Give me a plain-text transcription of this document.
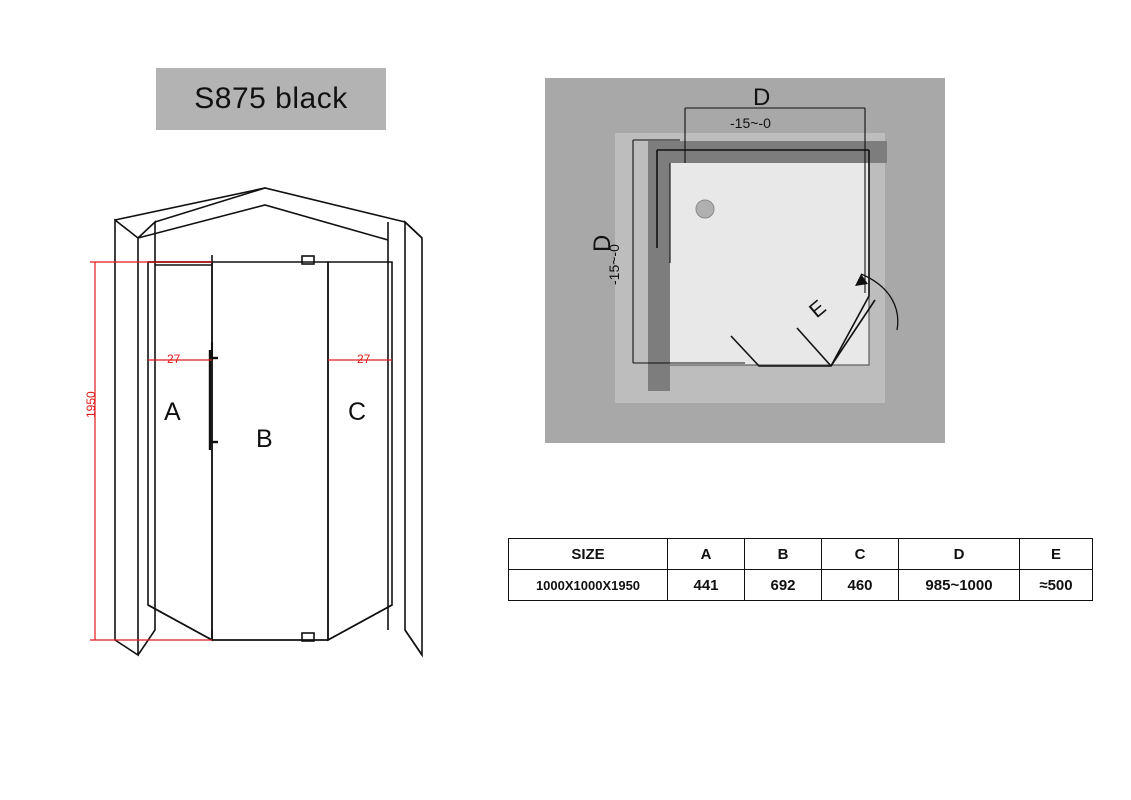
S875 black
A
B
C
27	27
1950
D
D
E
-15~-0
-15~-0
SIZE	A	B	C	D	E
1000X1000X1950	441	692	460	985~1000	≈500
